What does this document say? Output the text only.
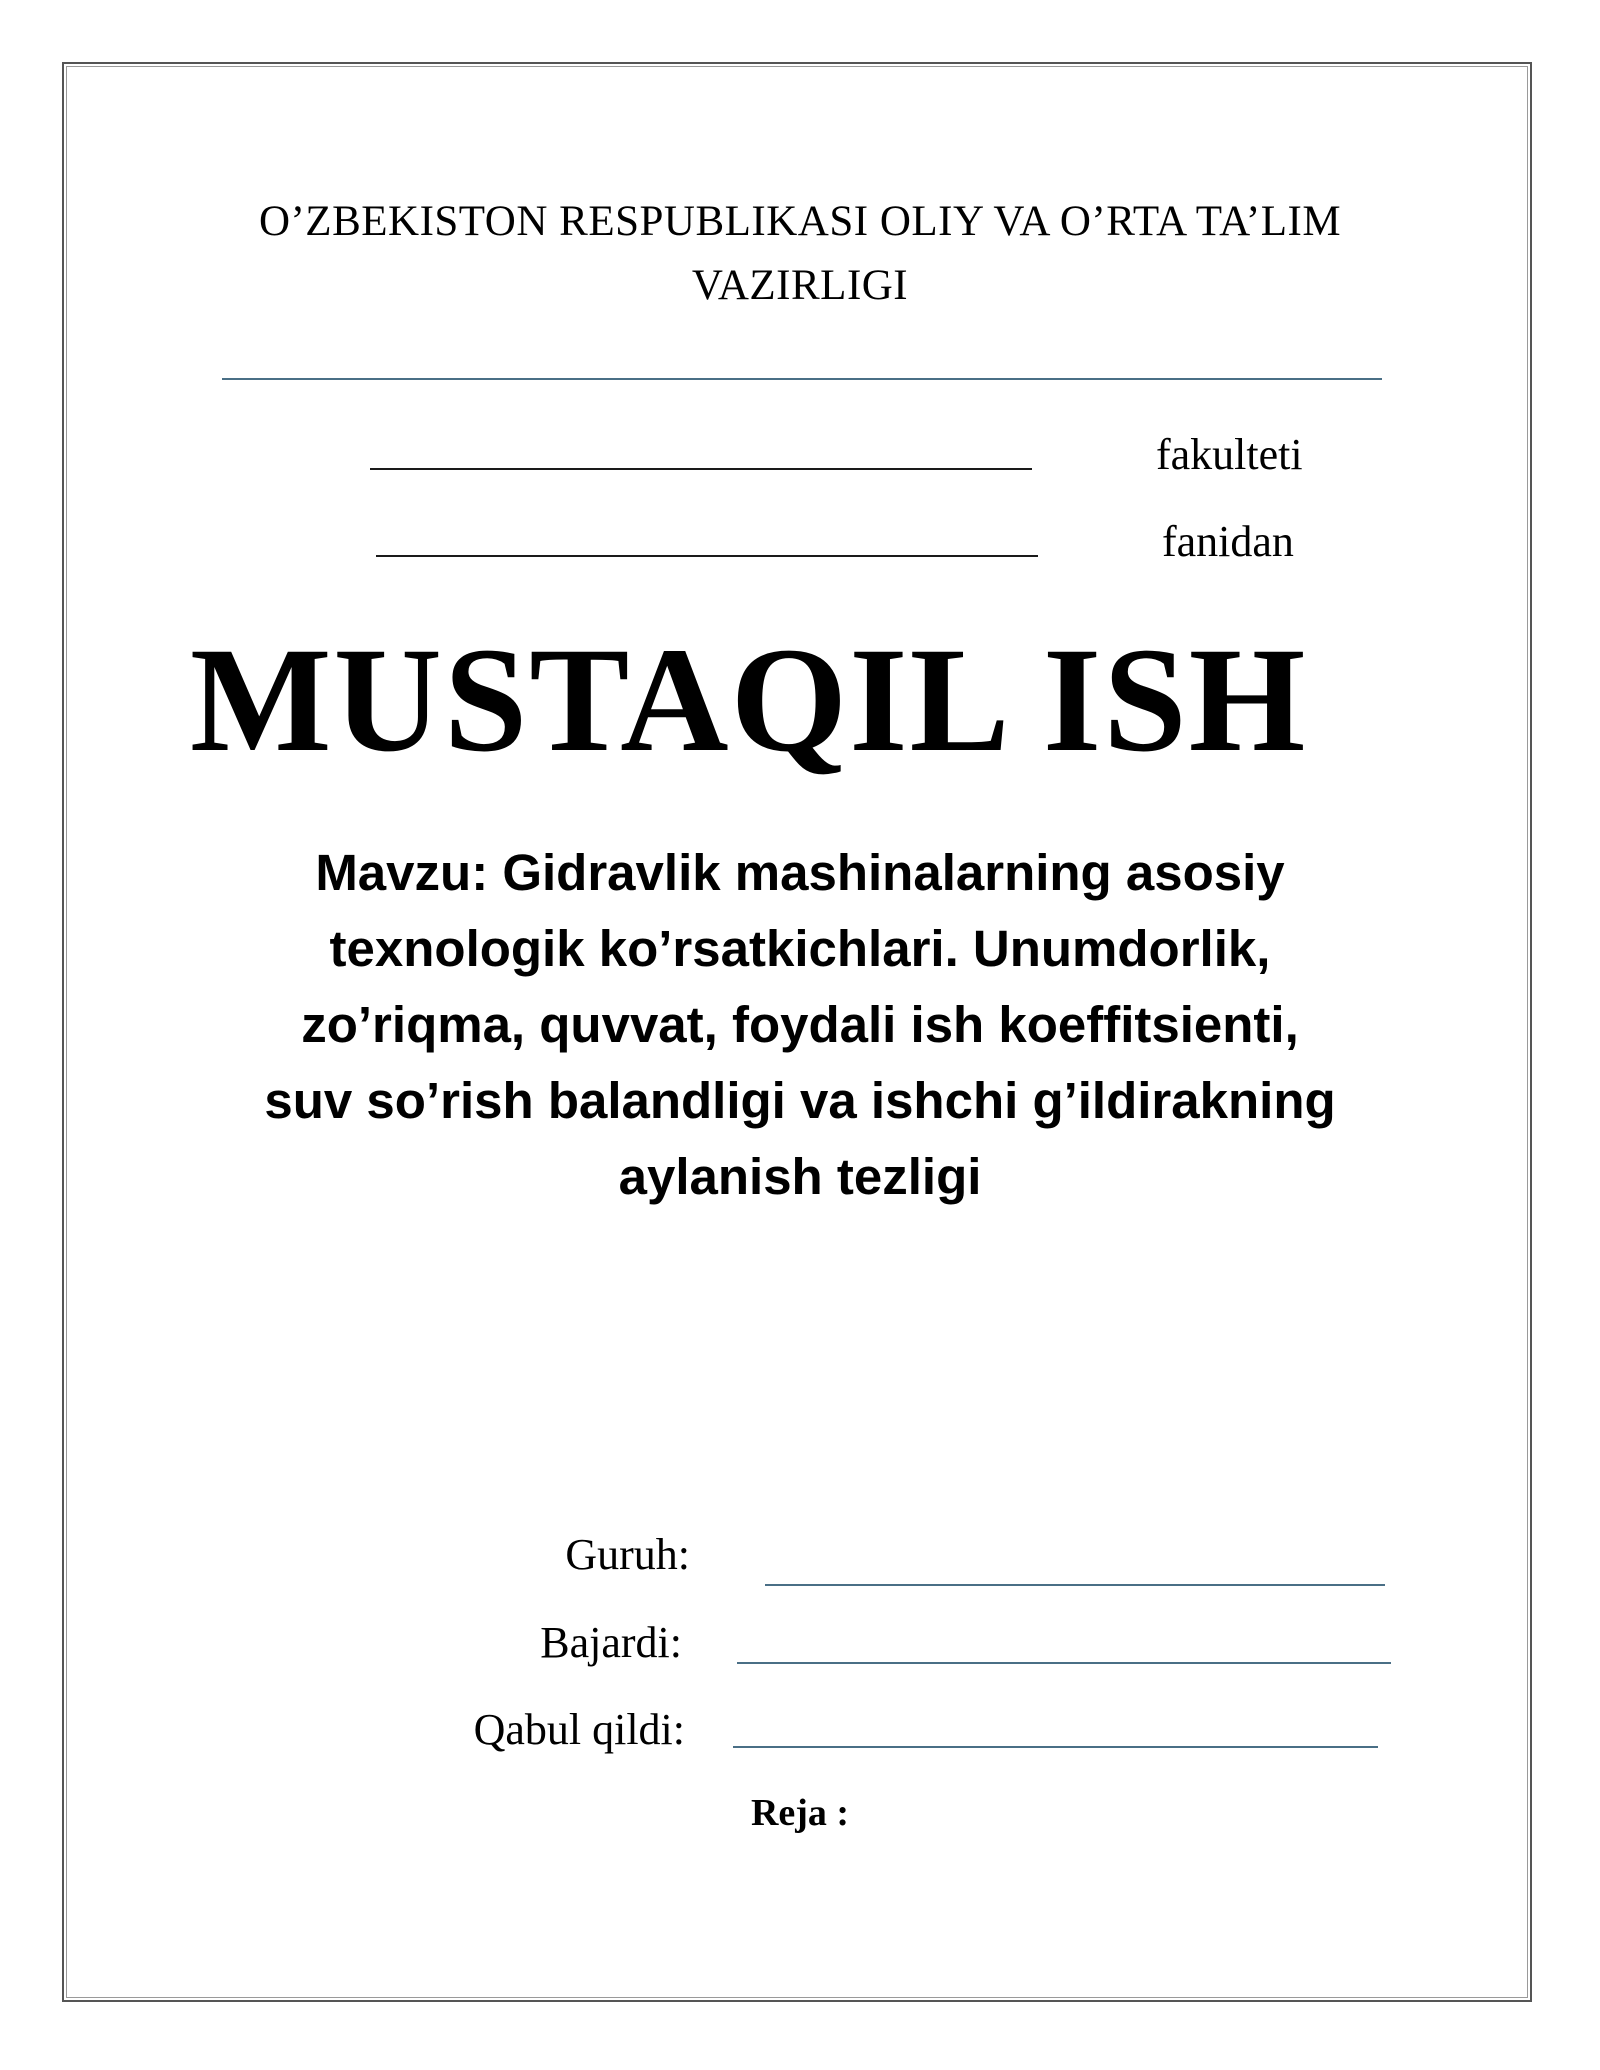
O’ZBEKISTON RESPUBLIKASI OLIY VA O’RTA TA’LIM
VAZIRLIGI
fakulteti
fanidan
MUSTAQIL ISH
Mavzu: Gidravlik mashinalarning asosiy
texnologik ko’rsatkichlari. Unumdorlik,
zo’riqma, quvvat, foydali ish koeffitsienti,
suv so’rish balandligi va ishchi g’ildirakning
aylanish tezligi
Guruh:
Bajardi:
Qabul qildi:
Reja :
